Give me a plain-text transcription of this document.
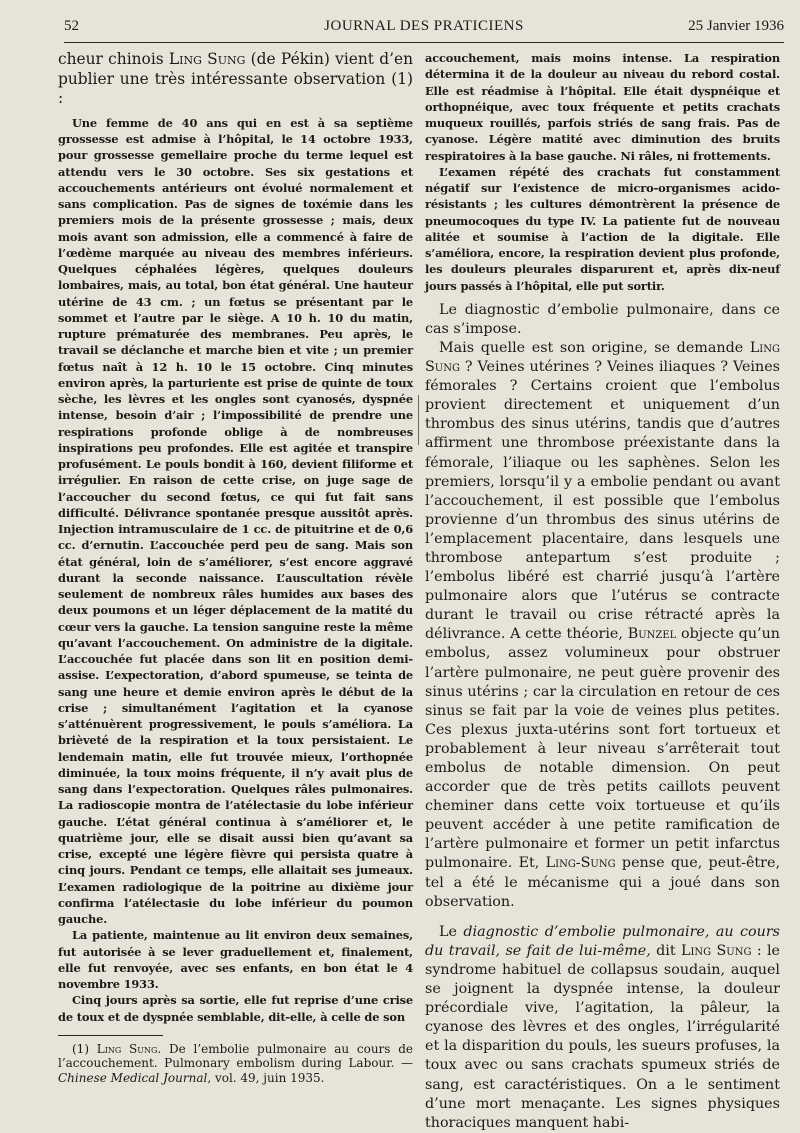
52	JOURNAL DES PRATICIENS	25 Janvier 1936

cheur chinois Ling Sung (de Pékin) vient d’en publier une très intéressante observation (1) :

Une femme de 40 ans qui en est à sa septième grossesse est admise à l’hôpital, le 14 octobre 1933, pour grossesse gemellaire proche du terme lequel est attendu vers le 30 octobre. Ses six gestations et accouchements antérieurs ont évolué normalement et sans complication. Pas de signes de toxémie dans les premiers mois de la présente grossesse ; mais, deux mois avant son admission, elle a commencé à faire de l’œdème marquée au niveau des membres inférieurs. Quelques céphalées légères, quelques douleurs lombaires, mais, au total, bon état général. Une hauteur utérine de 43 cm. ; un fœtus se présentant par le sommet et l’autre par le siège. A 10 h. 10 du matin, rupture prématurée des membranes. Peu après, le travail se déclanche et marche bien et vite ; un premier fœtus naît à 12 h. 10 le 15 octobre. Cinq minutes environ après, la parturiente est prise de quinte de toux sèche, les lèvres et les ongles sont cyanosés, dyspnée intense, besoin d’air ; l’impossibilité de prendre une respirations profonde oblige à de nombreuses inspirations peu profondes. Elle est agitée et transpire profusément. Le pouls bondit à 160, devient filiforme et irrégulier. En raison de cette crise, on juge sage de l’accoucher du second fœtus, ce qui fut fait sans difficulté. Délivrance spontanée presque aussitôt après. Injection intramusculaire de 1 cc. de pituitrine et de 0,6 cc. d’ernutin. L’accouchée perd peu de sang. Mais son état général, loin de s’améliorer, s’est encore aggravé durant la seconde naissance. L’auscultation révèle seulement de nombreux râles humides aux bases des deux poumons et un léger déplacement de la matité du cœur vers la gauche. La tension sanguine reste la même qu’avant l’accouchement. On administre de la digitale. L’accouchée fut placée dans son lit en position demi-assise. L’expectoration, d’abord spumeuse, se teinta de sang une heure et demie environ après le début de la crise ; simultanément l’agitation et la cyanose s’atténuèrent progressivement, le pouls s’améliora. La brièveté de la respiration et la toux persistaient. Le lendemain matin, elle fut trouvée mieux, l’orthopnée diminuée, la toux moins fréquente, il n’y avait plus de sang dans l’expectoration. Quelques râles pulmonaires. La radioscopie montra de l’atélectasie du lobe inférieur gauche. L’état général continua à s’améliorer et, le quatrième jour, elle se disait aussi bien qu’avant sa crise, excepté une légère fièvre qui persista quatre à cinq jours. Pendant ce temps, elle allaitait ses jumeaux. L’examen radiologique de la poitrine au dixième jour confirma l’atélectasie du lobe inférieur du poumon gauche.

La patiente, maintenue au lit environ deux semaines, fut autorisée à se lever graduellement et, finalement, elle fut renvoyée, avec ses enfants, en bon état le 4 novembre 1933.

Cinq jours après sa sortie, elle fut reprise d’une crise de toux et de dyspnée semblable, dit-elle, à celle de son

(1) Ling Sung. De l’embolie pulmonaire au cours de l’accouchement. Pulmonary embolism during Labour. — Chinese Medical Journal, vol. 49, juin 1935.

accouchement, mais moins intense. La respiration détermina it de la douleur au niveau du rebord costal. Elle est réadmise à l’hôpital. Elle était dyspnéique et orthopnéique, avec toux fréquente et petits crachats muqueux rouillés, parfois striés de sang frais. Pas de cyanose. Légère matité avec diminution des bruits respiratoires à la base gauche. Ni râles, ni frottements.

L’examen répété des crachats fut constamment négatif sur l’existence de micro-organismes acido-résistants ; les cultures démontrèrent la présence de pneumocoques du type IV. La patiente fut de nouveau alitée et soumise à l’action de la digitale. Elle s’améliora, encore, la respiration devient plus profonde, les douleurs pleurales disparurent et, après dix-neuf jours passés à l’hôpital, elle put sortir.

Le diagnostic d’embolie pulmonaire, dans ce cas s’impose.

Mais quelle est son origine, se demande Ling Sung ? Veines utérines ? Veines iliaques ? Veines fémorales ? Certains croient que l’embolus provient directement et uniquement d’un thrombus des sinus utérins, tandis que d’autres affirment une thrombose préexistante dans la fémorale, l’iliaque ou les saphènes. Selon les premiers, lorsqu’il y a embolie pendant ou avant l’accouchement, il est possible que l’embolus provienne d’un thrombus des sinus utérins de l’emplacement placentaire, dans lesquels une thrombose antepartum s’est produite ; l’embolus libéré est charrié jusqu’à l’artère pulmonaire alors que l’utérus se contracte durant le travail ou crise rétracté après la délivrance. A cette théorie, Bunzel objecte qu’un embolus, assez volumineux pour obstruer l’artère pulmonaire, ne peut guère provenir des sinus utérins ; car la circulation en retour de ces sinus se fait par la voie de veines plus petites. Ces plexus juxta-utérins sont fort tortueux et probablement à leur niveau s’arrêterait tout embolus de notable dimension. On peut accorder que de très petits caillots peuvent cheminer dans cette voix tortueuse et qu’ils peuvent accéder à une petite ramification de l’artère pulmonaire et former un petit infarctus pulmonaire. Et, Ling-Sung pense que, peut-être, tel a été le mécanisme qui a joué dans son observation.

Le diagnostic d’embolie pulmonaire, au cours du travail, se fait de lui-même, dit Ling Sung : le syndrome habituel de collapsus soudain, auquel se joignent la dyspnée intense, la douleur précordiale vive, l’agitation, la pâleur, la cyanose des lèvres et des ongles, l’irrégularité et la disparition du pouls, les sueurs profuses, la toux avec ou sans crachats spumeux striés de sang, est caractéristiques. On a le sentiment d’une mort menaçante. Les signes physiques thoraciques manquent habi-
